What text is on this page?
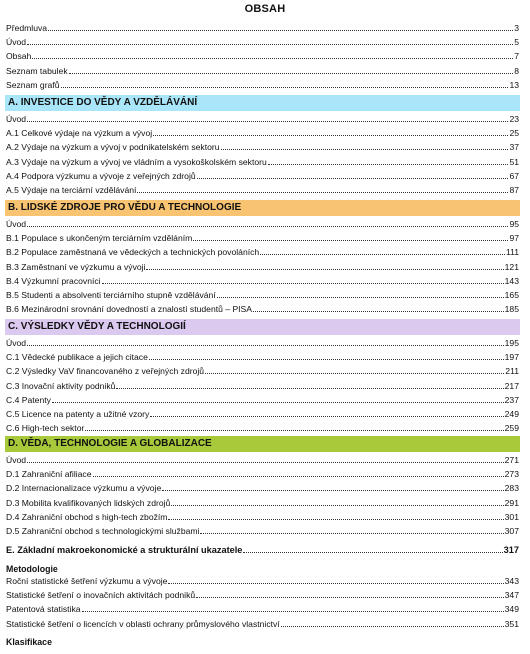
OBSAH
Předmluva	3
Úvod	5
Obsah	7
Seznam tabulek	8
Seznam grafů	13
A. INVESTICE DO VĚDY A VZDĚLÁVÁNÍ
Úvod	23
A.1 Celkové výdaje na výzkum a vývoj	25
A.2 Výdaje na výzkum a vývoj v podnikatelském sektoru	37
A.3 Výdaje na výzkum a vývoj ve vládním a vysokoškolském sektoru	51
A.4 Podpora výzkumu a vývoje z veřejných zdrojů	67
A.5 Výdaje na terciární vzdělávání	87
B. LIDSKÉ ZDROJE PRO VĚDU A TECHNOLOGIE
Úvod	95
B.1 Populace s ukončeným terciárním vzděláním	97
B.2 Populace zaměstnaná ve vědeckých a technických povoláních	111
B.3 Zaměstnaní ve výzkumu a vývoji	121
B.4 Výzkumní pracovníci	143
B.5 Studenti a absolventi terciárního stupně vzdělávání	165
B.6 Mezinárodní srovnání dovedností a znalostí studentů – PISA	185
C. VÝSLEDKY VĚDY A TECHNOLOGIÍ
Úvod	195
C.1 Vědecké publikace a jejich citace	197
C.2 Výsledky VaV financovaného z veřejných zdrojů	211
C.3 Inovační aktivity podniků	217
C.4 Patenty	237
C.5 Licence na patenty a užitné vzory	249
C.6 High-tech sektor	259
D. VĚDA, TECHNOLOGIE A GLOBALIZACE
Úvod	271
D.1 Zahraniční afiliace	273
D.2 Internacionalizace výzkumu a vývoje	283
D.3 Mobilita kvalifikovaných lidských zdrojů	291
D.4 Zahraniční obchod s high-tech zbožím	301
D.5 Zahraniční obchod s technologickými službami	307
E. Základní makroekonomické a strukturální ukazatele	317
Metodologie
Roční statistické šetření výzkumu a vývoje	343
Statistické šetření o inovačních aktivitách podniků	347
Patentová statistika	349
Statistické šetření o licencích v oblasti ochrany průmyslového vlastnictví	351
Klasifikace
